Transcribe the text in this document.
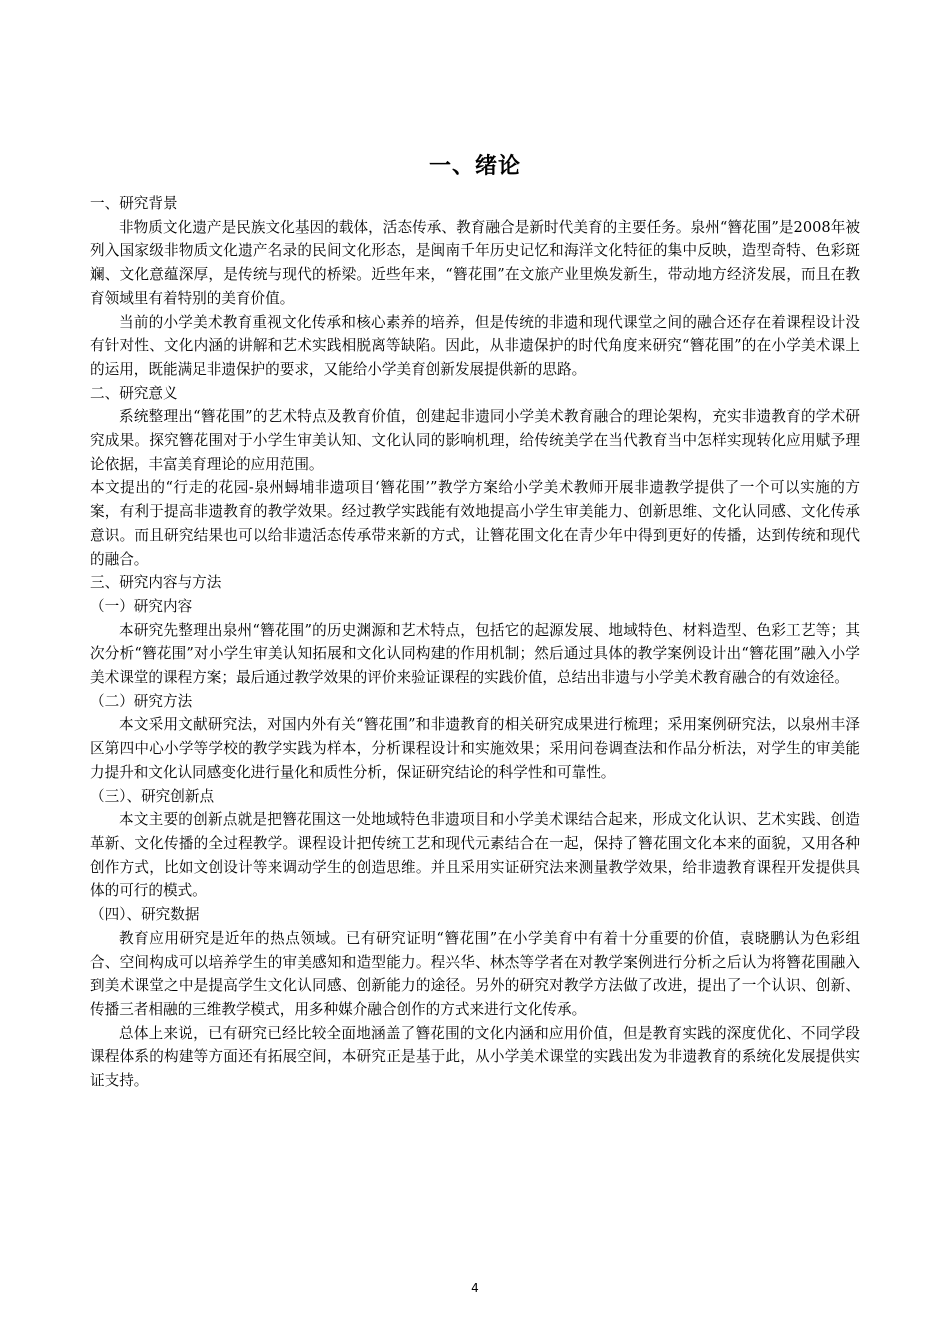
一、绪论
一、研究背景
非物质文化遗产是民族文化基因的载体，活态传承、教育融合是新时代美育的主要任务。泉州“簪花围”是2008年被列入国家级非物质文化遗产名录的民间文化形态，是闽南千年历史记忆和海洋文化特征的集中反映，造型奇特、色彩斑斓、文化意蕴深厚，是传统与现代的桥梁。近些年来，“簪花围”在文旅产业里焕发新生，带动地方经济发展，而且在教育领域里有着特别的美育价值。
当前的小学美术教育重视文化传承和核心素养的培养，但是传统的非遗和现代课堂之间的融合还存在着课程设计没有针对性、文化内涵的讲解和艺术实践相脱离等缺陷。因此，从非遗保护的时代角度来研究“簪花围”的在小学美术课上的运用，既能满足非遗保护的要求，又能给小学美育创新发展提供新的思路。
二、研究意义
系统整理出“簪花围”的艺术特点及教育价值，创建起非遗同小学美术教育融合的理论架构，充实非遗教育的学术研究成果。探究簪花围对于小学生审美认知、文化认同的影响机理，给传统美学在当代教育当中怎样实现转化应用赋予理论依据，丰富美育理论的应用范围。
本文提出的“行走的花园-泉州蟳埔非遗项目‘簪花围’”教学方案给小学美术教师开展非遗教学提供了一个可以实施的方案，有利于提高非遗教育的教学效果。经过教学实践能有效地提高小学生审美能力、创新思维、文化认同感、文化传承意识。而且研究结果也可以给非遗活态传承带来新的方式，让簪花围文化在青少年中得到更好的传播，达到传统和现代的融合。
三、研究内容与方法
（一）研究内容
本研究先整理出泉州“簪花围”的历史渊源和艺术特点，包括它的起源发展、地域特色、材料造型、色彩工艺等；其次分析“簪花围”对小学生审美认知拓展和文化认同构建的作用机制；然后通过具体的教学案例设计出“簪花围”融入小学美术课堂的课程方案；最后通过教学效果的评价来验证课程的实践价值，总结出非遗与小学美术教育融合的有效途径。
（二）研究方法
本文采用文献研究法，对国内外有关“簪花围”和非遗教育的相关研究成果进行梳理；采用案例研究法，以泉州丰泽区第四中心小学等学校的教学实践为样本，分析课程设计和实施效果；采用问卷调查法和作品分析法，对学生的审美能力提升和文化认同感变化进行量化和质性分析，保证研究结论的科学性和可靠性。
（三）、研究创新点
本文主要的创新点就是把簪花围这一处地域特色非遗项目和小学美术课结合起来，形成文化认识、艺术实践、创造革新、文化传播的全过程教学。课程设计把传统工艺和现代元素结合在一起，保持了簪花围文化本来的面貌，又用各种创作方式，比如文创设计等来调动学生的创造思维。并且采用实证研究法来测量教学效果，给非遗教育课程开发提供具体的可行的模式。
（四）、研究数据
教育应用研究是近年的热点领域。已有研究证明“簪花围”在小学美育中有着十分重要的价值，袁晓鹏认为色彩组合、空间构成可以培养学生的审美感知和造型能力。程兴华、林杰等学者在对教学案例进行分析之后认为将簪花围融入到美术课堂之中是提高学生文化认同感、创新能力的途径。另外的研究对教学方法做了改进，提出了一个认识、创新、传播三者相融的三维教学模式，用多种媒介融合创作的方式来进行文化传承。
总体上来说，已有研究已经比较全面地涵盖了簪花围的文化内涵和应用价值，但是教育实践的深度优化、不同学段课程体系的构建等方面还有拓展空间，本研究正是基于此，从小学美术课堂的实践出发为非遗教育的系统化发展提供实证支持。
4
